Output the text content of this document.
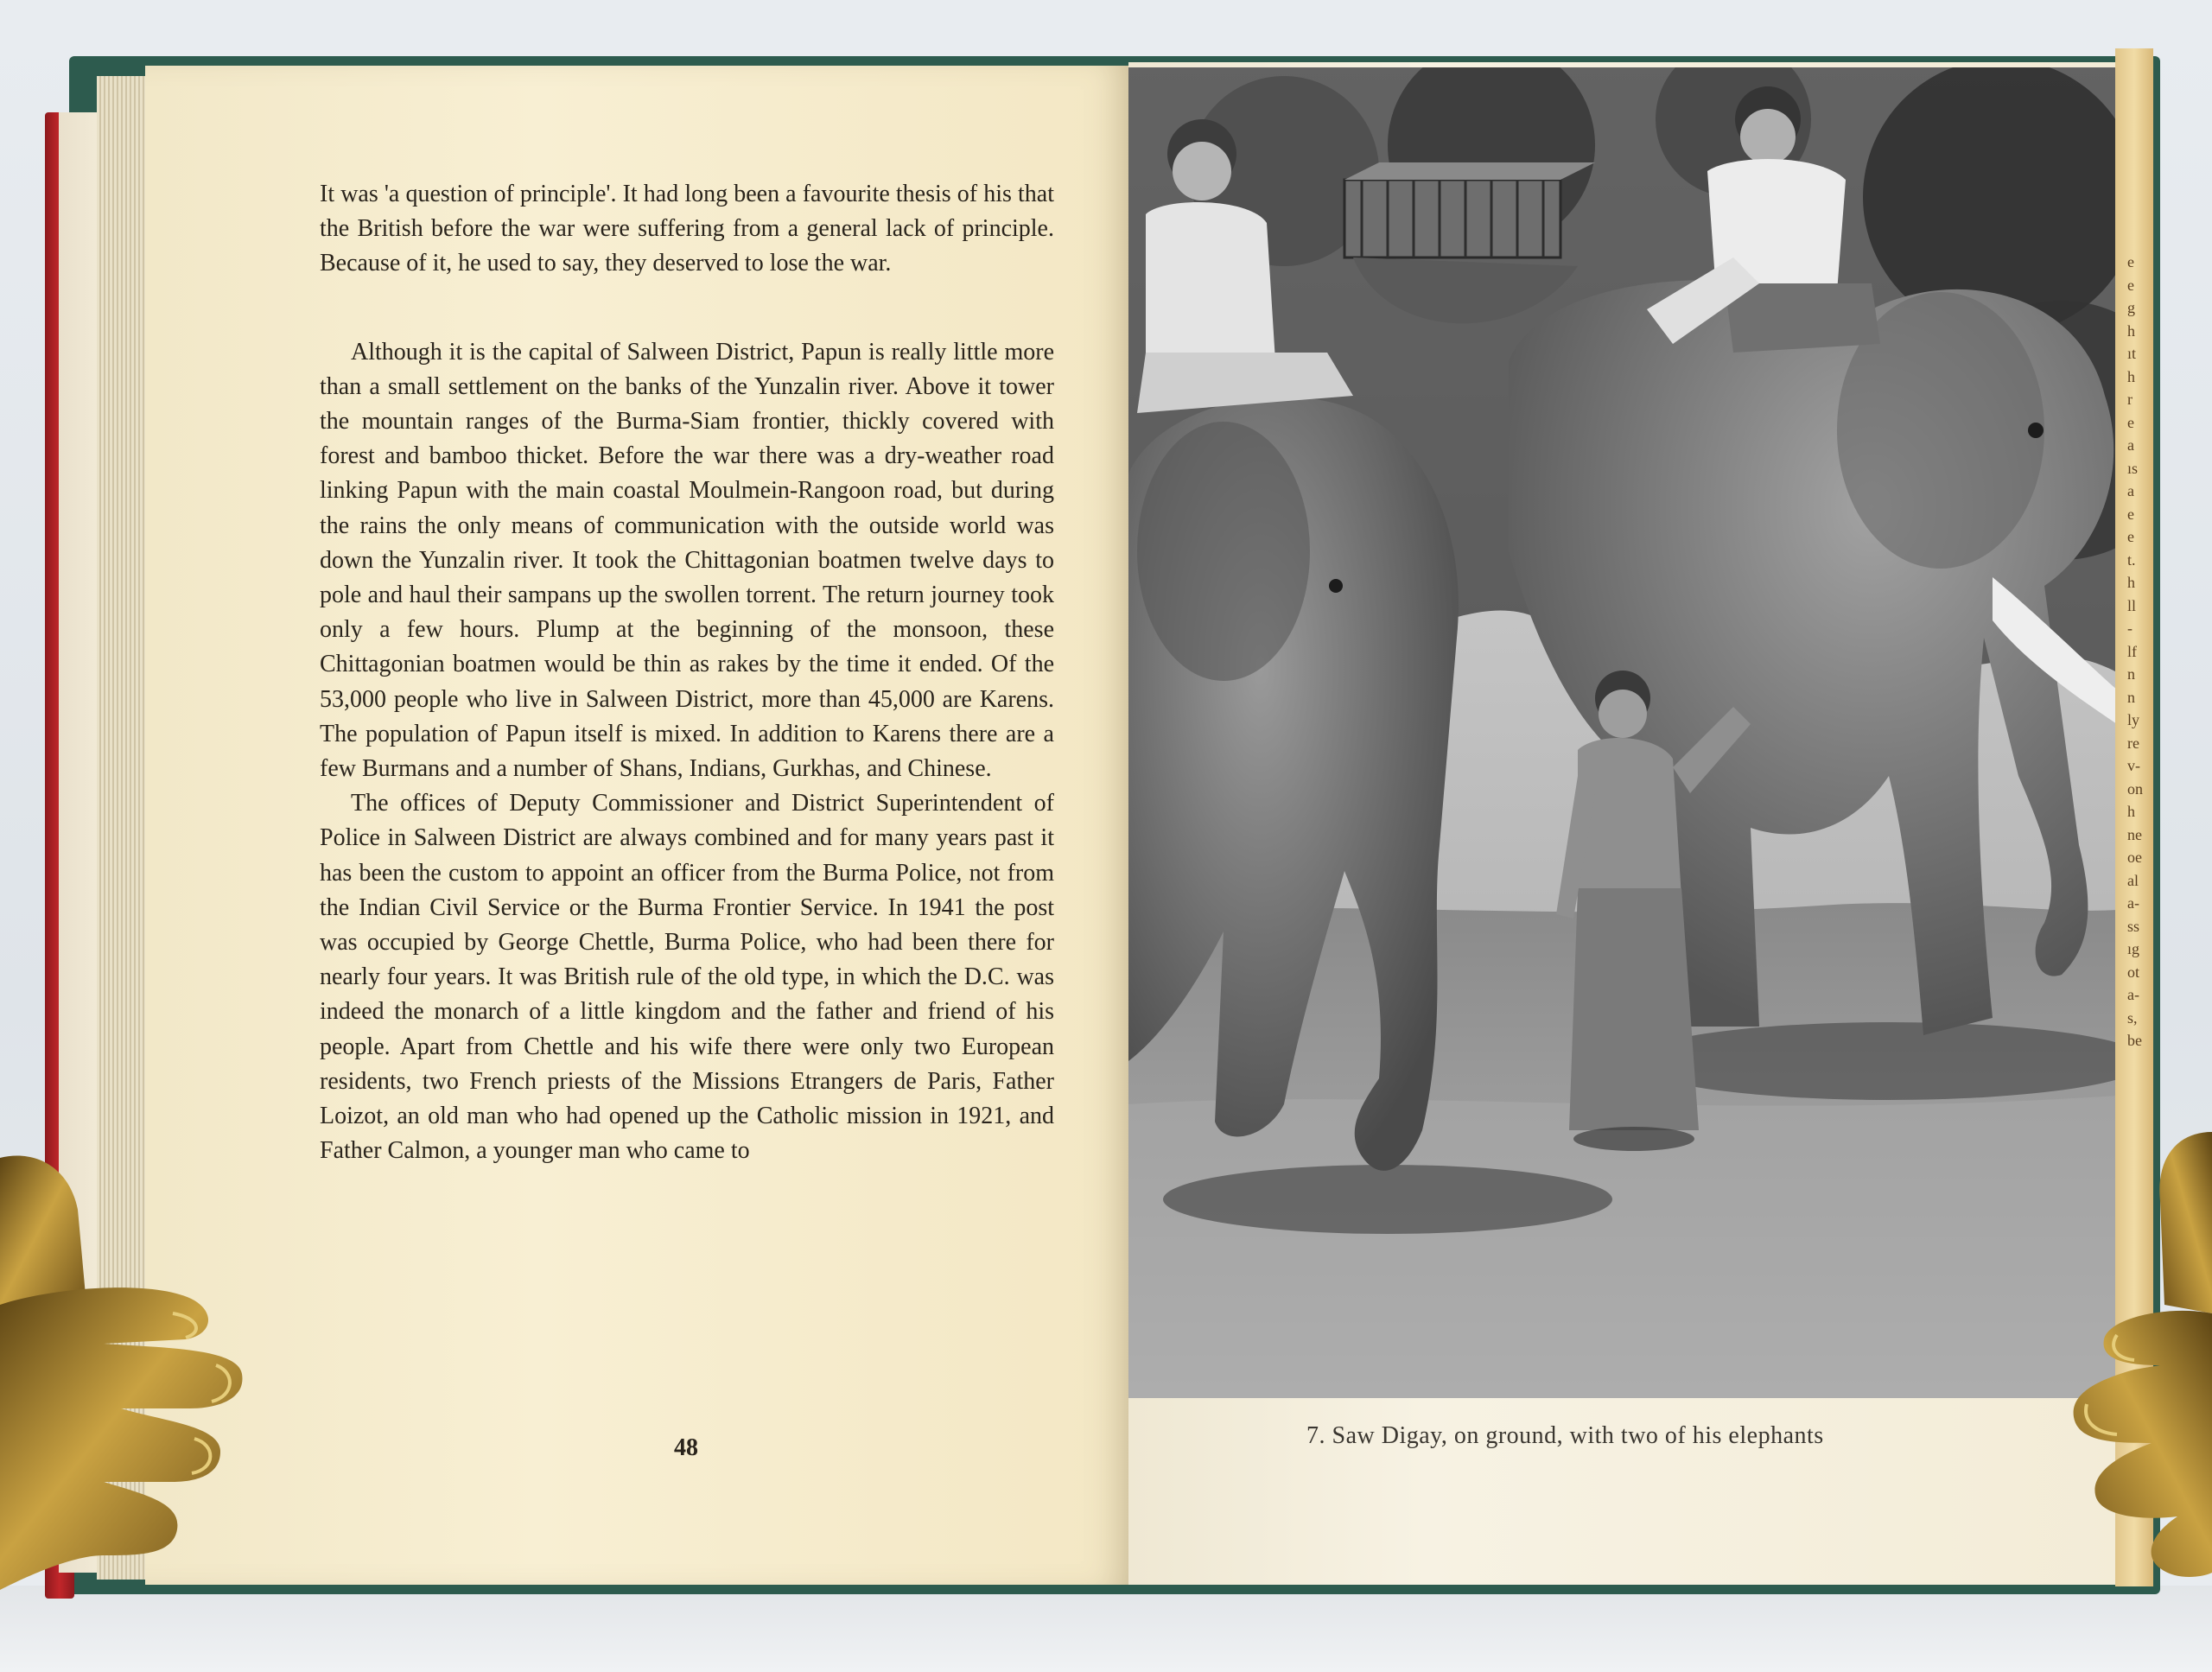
It was 'a question of principle'. It had long been a favourite thesis of his that the British before the war were suffering from a general lack of principle. Because of it, he used to say, they deserved to lose the war.

Although it is the capital of Salween District, Papun is really little more than a small settlement on the banks of the Yunzalin river. Above it tower the mountain ranges of the Burma-Siam frontier, thickly covered with forest and bamboo thicket. Before the war there was a dry-weather road linking Papun with the main coastal Moulmein-Rangoon road, but during the rains the only means of communication with the outside world was down the Yunzalin river. It took the Chittagonian boatmen twelve days to pole and haul their sampans up the swollen torrent. The return journey took only a few hours. Plump at the beginning of the monsoon, these Chittagonian boatmen would be thin as rakes by the time it ended. Of the 53,000 people who live in Salween District, more than 45,000 are Karens. The population of Papun itself is mixed. In addition to Karens there are a few Burmans and a number of Shans, Indians, Gurkhas, and Chinese.

The offices of Deputy Commissioner and District Superintendent of Police in Salween District are always combined and for many years past it has been the custom to appoint an officer from the Burma Police, not from the Indian Civil Service or the Burma Frontier Service. In 1941 the post was occupied by George Chettle, Burma Police, who had been there for nearly four years. It was British rule of the old type, in which the D.C. was indeed the monarch of a little kingdom and the father and friend of his people. Apart from Chettle and his wife there were only two European residents, two French priests of the Missions Etrangers de Paris, Father Loizot, an old man who had opened up the Catholic mission in 1921, and Father Calmon, a younger man who came to

48	7. Saw Digay, on ground, with two of his elephants
e
e
g
h
ıt
h
r
e
a
ıs
a
e
e
t.
h
ll
-
lf
n
n
ly
re
v-
on
h
ne
oe
al
a-
ss
ıg
ot
a-
s,
be
